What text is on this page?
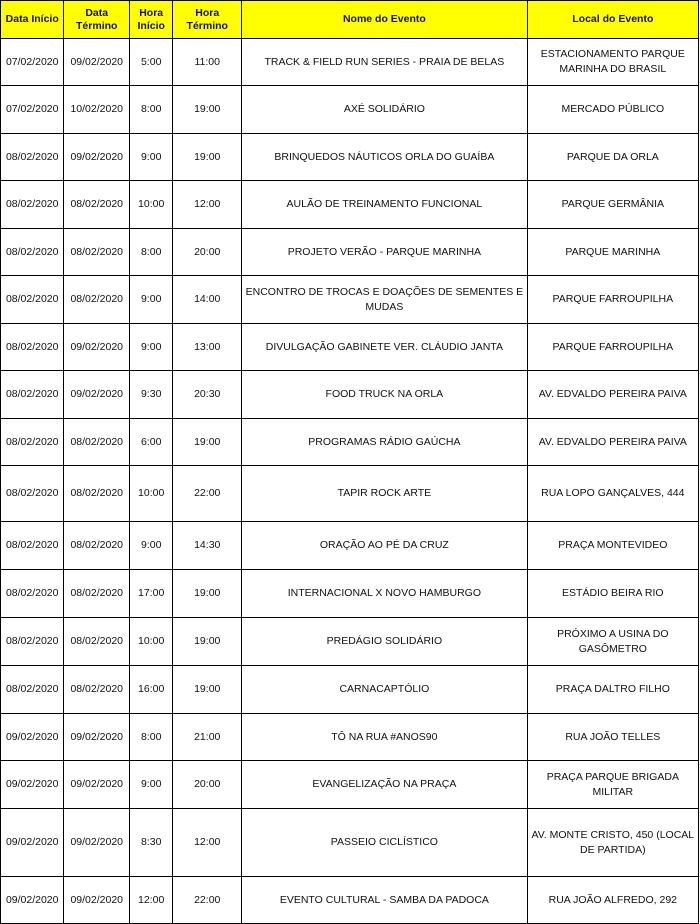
Data Início	Data Término	Hora Início	Hora Término	Nome do Evento	Local do Evento
07/02/2020	09/02/2020	5:00	11:00	TRACK & FIELD RUN SERIES - PRAIA DE BELAS	ESTACIONAMENTO PARQUE MARINHA DO BRASIL
07/02/2020	10/02/2020	8:00	19:00	AXÉ SOLIDÁRIO	MERCADO PÚBLICO
08/02/2020	09/02/2020	9:00	19:00	BRINQUEDOS NÁUTICOS ORLA DO GUAÍBA	PARQUE DA ORLA
08/02/2020	08/02/2020	10:00	12:00	AULÃO DE TREINAMENTO FUNCIONAL	PARQUE GERMÂNIA
08/02/2020	08/02/2020	8:00	20:00	PROJETO VERÃO - PARQUE MARINHA	PARQUE MARINHA
08/02/2020	08/02/2020	9:00	14:00	ENCONTRO DE TROCAS E DOAÇÕES DE SEMENTES E MUDAS	PARQUE FARROUPILHA
08/02/2020	09/02/2020	9:00	13:00	DIVULGAÇÃO GABINETE VER. CLÁUDIO JANTA	PARQUE FARROUPILHA
08/02/2020	09/02/2020	9:30	20:30	FOOD TRUCK NA ORLA	AV. EDVALDO PEREIRA PAIVA
08/02/2020	08/02/2020	6:00	19:00	PROGRAMAS RÁDIO GAÚCHA	AV. EDVALDO PEREIRA PAIVA
08/02/2020	08/02/2020	10:00	22:00	TAPIR ROCK ARTE	RUA LOPO GANÇALVES, 444
08/02/2020	08/02/2020	9:00	14:30	ORAÇÃO AO PÉ DA CRUZ	PRAÇA MONTEVIDEO
08/02/2020	08/02/2020	17:00	19:00	INTERNACIONAL X NOVO HAMBURGO	ESTÁDIO BEIRA RIO
08/02/2020	08/02/2020	10:00	19:00	PREDÁGIO SOLIDÁRIO	PRÓXIMO A USINA DO GASÔMETRO
08/02/2020	08/02/2020	16:00	19:00	CARNACAPTÓLIO	PRAÇA DALTRO FILHO
09/02/2020	09/02/2020	8:00	21:00	TÔ NA RUA #ANOS90	RUA JOÃO TELLES
09/02/2020	09/02/2020	9:00	20:00	EVANGELIZAÇÃO NA PRAÇA	PRAÇA PARQUE BRIGADA MILITAR
09/02/2020	09/02/2020	8:30	12:00	PASSEIO CICLÍSTICO	AV. MONTE CRISTO, 450 (LOCAL DE PARTIDA)
09/02/2020	09/02/2020	12:00	22:00	EVENTO CULTURAL - SAMBA DA PADOCA	RUA JOÃO ALFREDO, 292
